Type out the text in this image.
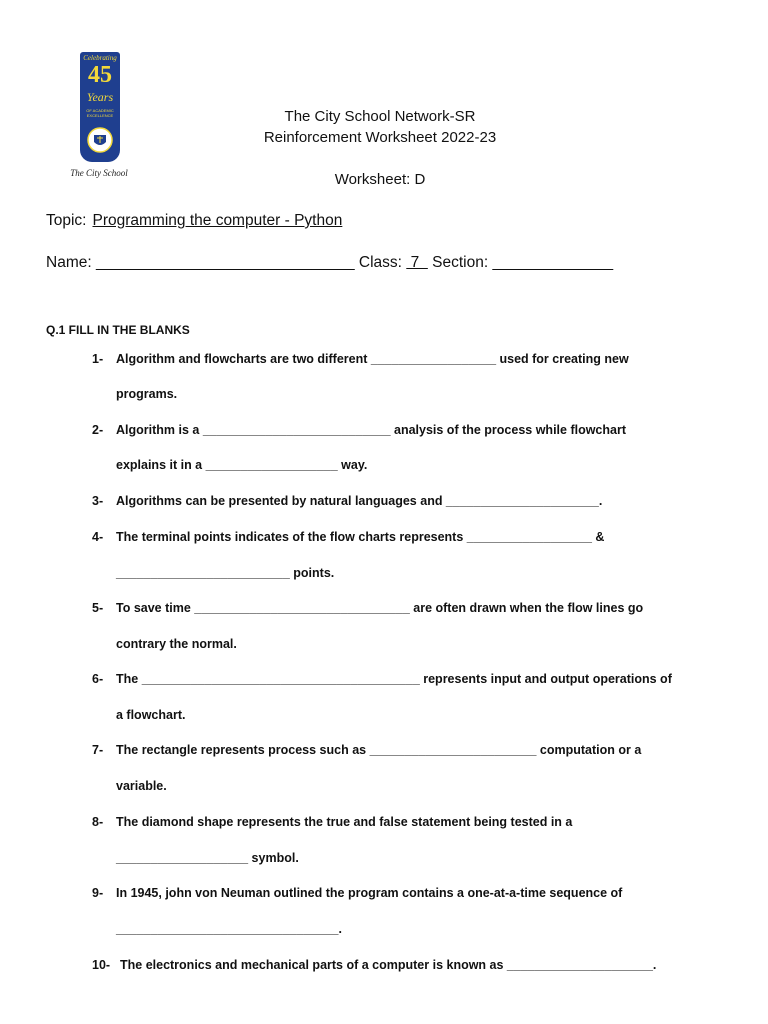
Celebrating
45
Years
OF ACADEMIC EXCELLENCE
The City School
The City School Network-SR
Reinforcement Worksheet 2022-23
Worksheet: D
Topic: Programming the computer - Python
Name: ______________________________ Class:  7   Section: ______________
Q.1 FILL IN THE BLANKS
1- Algorithm and flowcharts are two different __________________ used for creating new
programs.
2- Algorithm is a ___________________________ analysis of the process while flowchart
explains it in a ___________________ way.
3- Algorithms can be presented by natural languages and ______________________.
4- The terminal points indicates of the flow charts represents __________________ &
_________________________ points.
5- To save time _______________________________ are often drawn when the flow lines go
contrary the normal.
6- The ________________________________________ represents input and output operations of
a flowchart.
7- The rectangle represents process such as ________________________ computation or a
variable.
8- The diamond shape represents the true and false statement being tested in a
___________________ symbol.
9- In 1945, john von Neuman outlined the program contains a one-at-a-time sequence of
________________________________.
10- The electronics and mechanical parts of a computer is known as _____________________.
